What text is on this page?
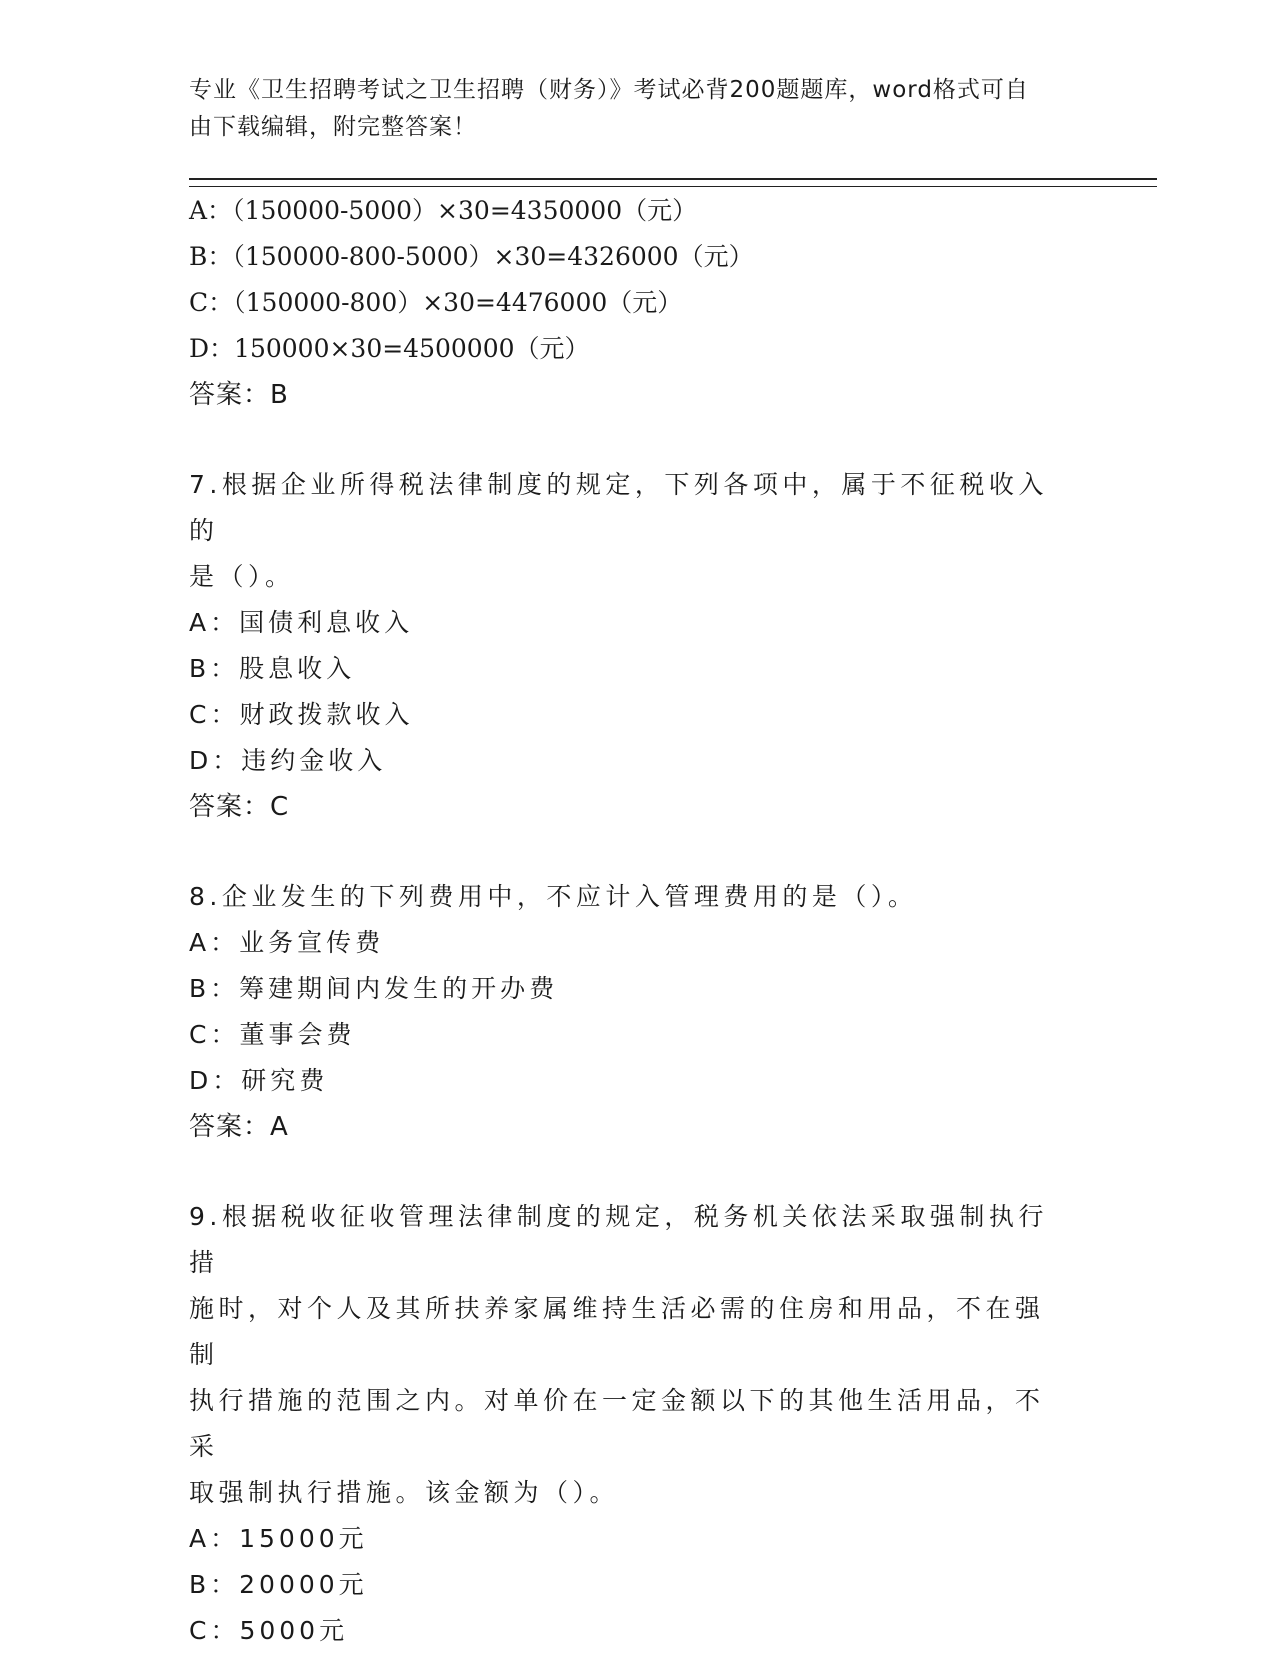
专业《卫生招聘考试之卫生招聘（财务）》考试必背200题题库，word格式可自

由下载编辑，附完整答案！

A：（150000-5000）×30=4350000（元）
B：（150000-800-5000）×30=4326000（元）
C：（150000-800）×30=4476000（元）
D：150000×30=4500000（元）
答案：B
7.根据企业所得税法律制度的规定，下列各项中，属于不征税收入的
是（）。
A：国债利息收入
B：股息收入
C：财政拨款收入
D：违约金收入
答案：C
8.企业发生的下列费用中，不应计入管理费用的是（）。
A：业务宣传费
B：筹建期间内发生的开办费
C：董事会费
D：研究费
答案：A
9.根据税收征收管理法律制度的规定，税务机关依法采取强制执行措
施时，对个人及其所扶养家属维持生活必需的住房和用品，不在强制
执行措施的范围之内。对单价在一定金额以下的其他生活用品，不采
取强制执行措施。该金额为（）。
A：15000元
B：20000元
C：5000元
